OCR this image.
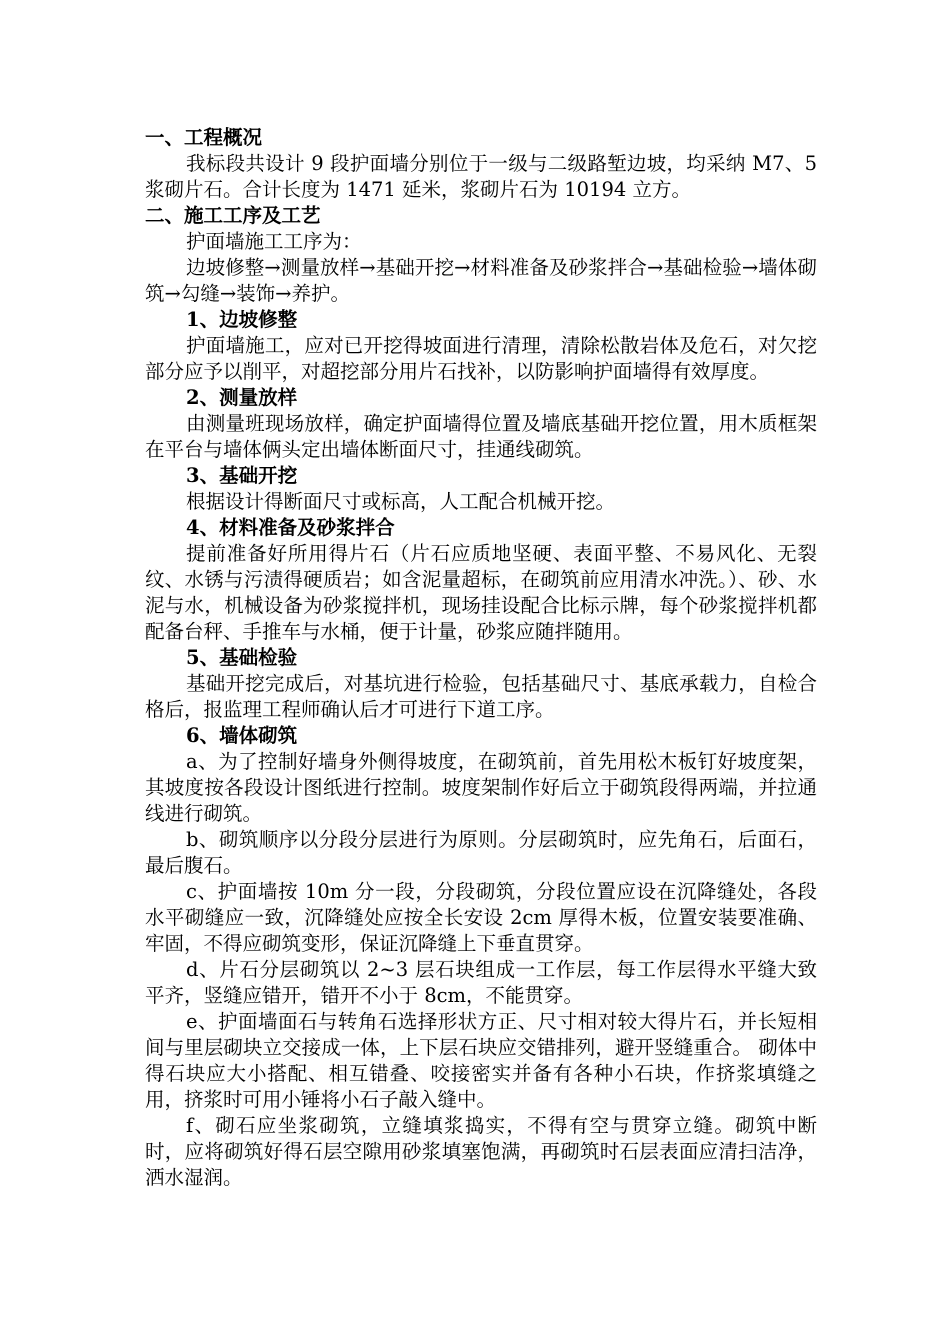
一、工程概况

我标段共设计 9 段护面墙分别位于一级与二级路堑边坡，均采纳 M7、5 浆砌片石。合计长度为 1471 延米，浆砌片石为 10194 立方。

二、施工工序及工艺

护面墙施工工序为：

边坡修整→测量放样→基础开挖→材料准备及砂浆拌合→基础检验→墙体砌筑→勾缝→装饰→养护。

1、边坡修整

护面墙施工，应对已开挖得坡面进行清理，清除松散岩体及危石，对欠挖部分应予以削平，对超挖部分用片石找补，以防影响护面墙得有效厚度。

2、测量放样

由测量班现场放样，确定护面墙得位置及墙底基础开挖位置，用木质框架在平台与墙体俩头定出墙体断面尺寸，挂通线砌筑。

3、基础开挖

根据设计得断面尺寸或标高，人工配合机械开挖。

4、材料准备及砂浆拌合

提前准备好所用得片石（片石应质地坚硬、表面平整、不易风化、无裂纹、水锈与污渍得硬质岩；如含泥量超标，在砌筑前应用清水冲洗。）、砂、水泥与水，机械设备为砂浆搅拌机，现场挂设配合比标示牌，每个砂浆搅拌机都配备台秤、手推车与水桶，便于计量，砂浆应随拌随用。

5、基础检验

基础开挖完成后，对基坑进行检验，包括基础尺寸、基底承载力，自检合格后，报监理工程师确认后才可进行下道工序。

6、墙体砌筑

a、为了控制好墙身外侧得坡度，在砌筑前，首先用松木板钉好坡度架，其坡度按各段设计图纸进行控制。坡度架制作好后立于砌筑段得两端，并拉通线进行砌筑。

b、砌筑顺序以分段分层进行为原则。分层砌筑时，应先角石，后面石，最后腹石。

c、护面墙按 10m 分一段，分段砌筑，分段位置应设在沉降缝处，各段水平砌缝应一致，沉降缝处应按全长安设 2cm 厚得木板，位置安装要准确、牢固，不得应砌筑变形，保证沉降缝上下垂直贯穿。

d、片石分层砌筑以 2~3 层石块组成一工作层，每工作层得水平缝大致平齐，竖缝应错开，错开不小于 8cm，不能贯穿。

e、护面墙面石与转角石选择形状方正、尺寸相对较大得片石，并长短相间与里层砌块立交接成一体，上下层石块应交错排列，避开竖缝重合。 砌体中得石块应大小搭配、相互错叠、咬接密实并备有各种小石块，作挤浆填缝之用，挤浆时可用小锤将小石子敲入缝中。

f、砌石应坐浆砌筑，立缝填浆捣实，不得有空与贯穿立缝。砌筑中断时，应将砌筑好得石层空隙用砂浆填塞饱满，再砌筑时石层表面应清扫洁净，洒水湿润。
